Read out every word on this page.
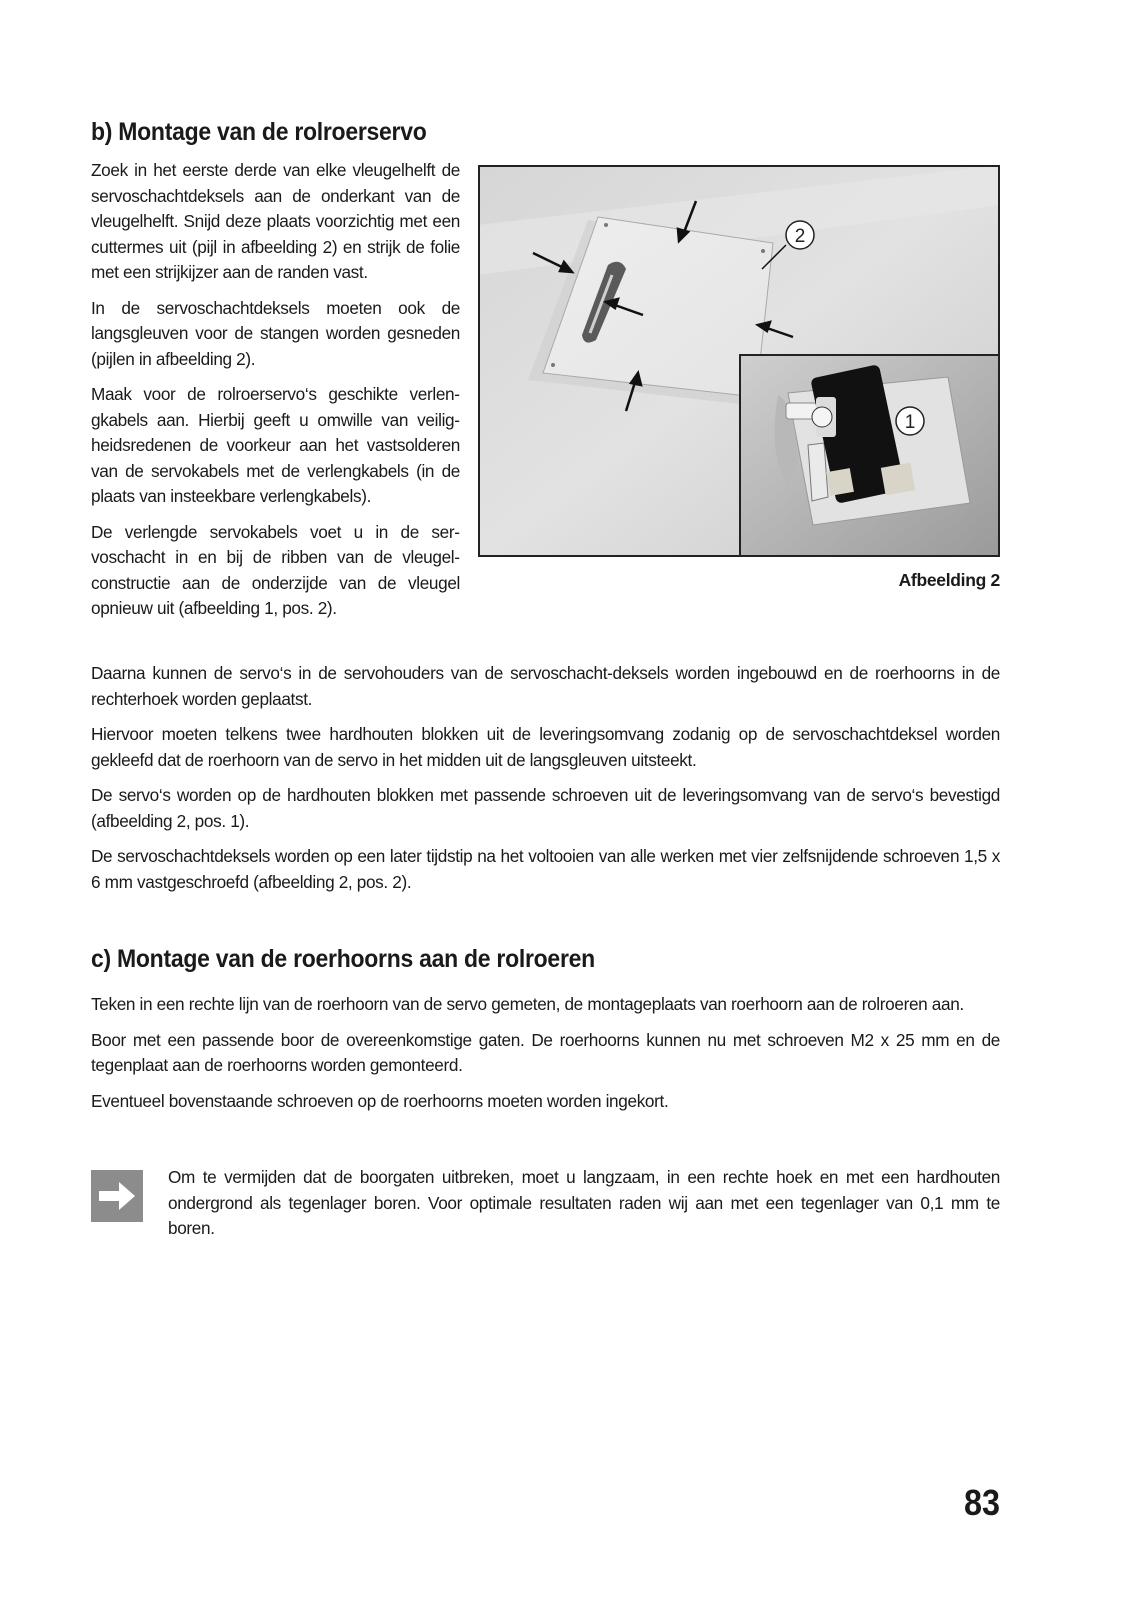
b) Montage van de rolroerservo

Zoek in het eerste derde van elke vleugelhelft de servoschachtdeksels aan de onderkant van de vleugelhelft. Snijd deze plaats voorzichtig met een cuttermes uit (pijl in afbeelding 2) en strijk de folie met een strijkijzer aan de randen vast.

In de servoschachtdeksels moeten ook de langsgleuven voor de stangen worden gesneden (pijlen in afbeelding 2).

Maak voor de rolroerservo‘s geschikte verlengkabels aan. Hierbij geeft u omwille van veiligheidsredenen de voorkeur aan het vastsolderen van de servokabels met de verlengkabels (in de plaats van insteekbare verlengkabels).

De verlengde servokabels voet u in de servoschacht in en bij de ribben van de vleugelconstructie aan de onderzijde van de vleugel opnieuw uit (afbeelding 1, pos. 2).

2
1
Afbeelding 2

Daarna kunnen de servo‘s in de servohouders van de servoschacht-deksels worden ingebouwd en de roerhoorns in de rechterhoek worden geplaatst.

Hiervoor moeten telkens twee hardhouten blokken uit de leveringsomvang zodanig op de servoschachtdeksel worden gekleefd dat de roerhoorn van de servo in het midden uit de langsgleuven uitsteekt.

De servo‘s worden op de hardhouten blokken met passende schroeven uit de leveringsomvang van de servo‘s bevestigd (afbeelding 2, pos. 1).

De servoschachtdeksels worden op een later tijdstip na het voltooien van alle werken met vier zelfsnijdende schroeven 1,5 x 6 mm vastgeschroefd (afbeelding 2, pos. 2).

c) Montage van de roerhoorns aan de rolroeren

Teken in een rechte lijn van de roerhoorn van de servo gemeten, de montageplaats van roerhoorn aan de rolroeren aan.

Boor met een passende boor de overeenkomstige gaten. De roerhoorns kunnen nu met schroeven M2 x 25 mm en de tegenplaat aan de roerhoorns worden gemonteerd.

Eventueel bovenstaande schroeven op de roerhoorns moeten worden ingekort.

Om te vermijden dat de boorgaten uitbreken, moet u langzaam, in een rechte hoek en met een hardhouten ondergrond als tegenlager boren. Voor optimale resultaten raden wij aan met een tegenlager van 0,1 mm te boren.

83
